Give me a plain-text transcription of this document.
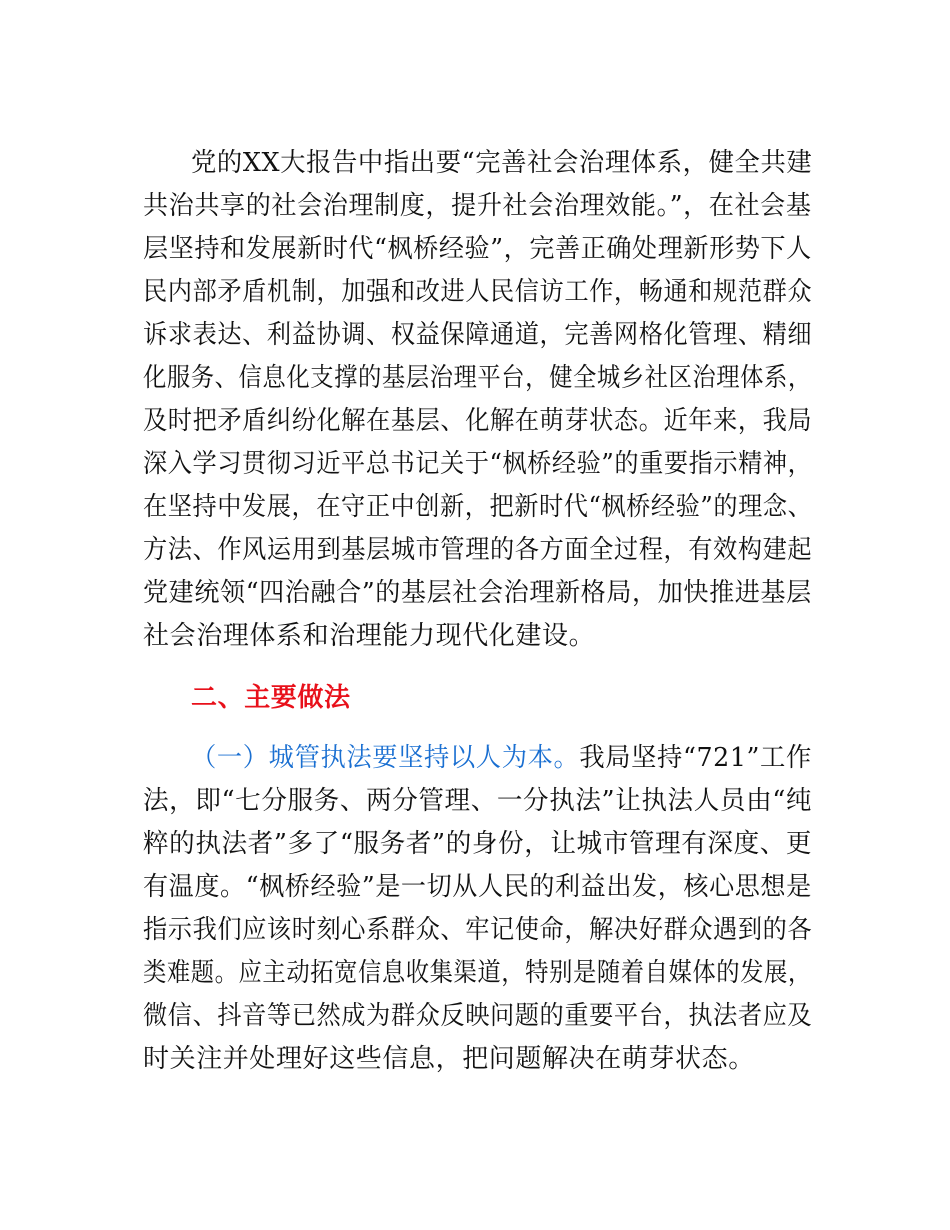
党的XX大报告中指出要“完善社会治理体系，健全共建
共治共享的社会治理制度，提升社会治理效能。”，在社会基
层坚持和发展新时代“枫桥经验”，完善正确处理新形势下人
民内部矛盾机制，加强和改进人民信访工作，畅通和规范群众
诉求表达、利益协调、权益保障通道，完善网格化管理、精细
化服务、信息化支撑的基层治理平台，健全城乡社区治理体系，
及时把矛盾纠纷化解在基层、化解在萌芽状态。近年来，我局
深入学习贯彻习近平总书记关于“枫桥经验”的重要指示精神，
在坚持中发展，在守正中创新，把新时代“枫桥经验”的理念、
方法、作风运用到基层城市管理的各方面全过程，有效构建起
党建统领“四治融合”的基层社会治理新格局，加快推进基层
社会治理体系和治理能力现代化建设。
二、主要做法
（一）城管执法要坚持以人为本。我局坚持“721”工作
法，即“七分服务、两分管理、一分执法”让执法人员由“纯
粹的执法者”多了“服务者”的身份，让城市管理有深度、更
有温度。“枫桥经验”是一切从人民的利益出发，核心思想是
指示我们应该时刻心系群众、牢记使命，解决好群众遇到的各
类难题。应主动拓宽信息收集渠道，特别是随着自媒体的发展，
微信、抖音等已然成为群众反映问题的重要平台，执法者应及
时关注并处理好这些信息，把问题解决在萌芽状态。
